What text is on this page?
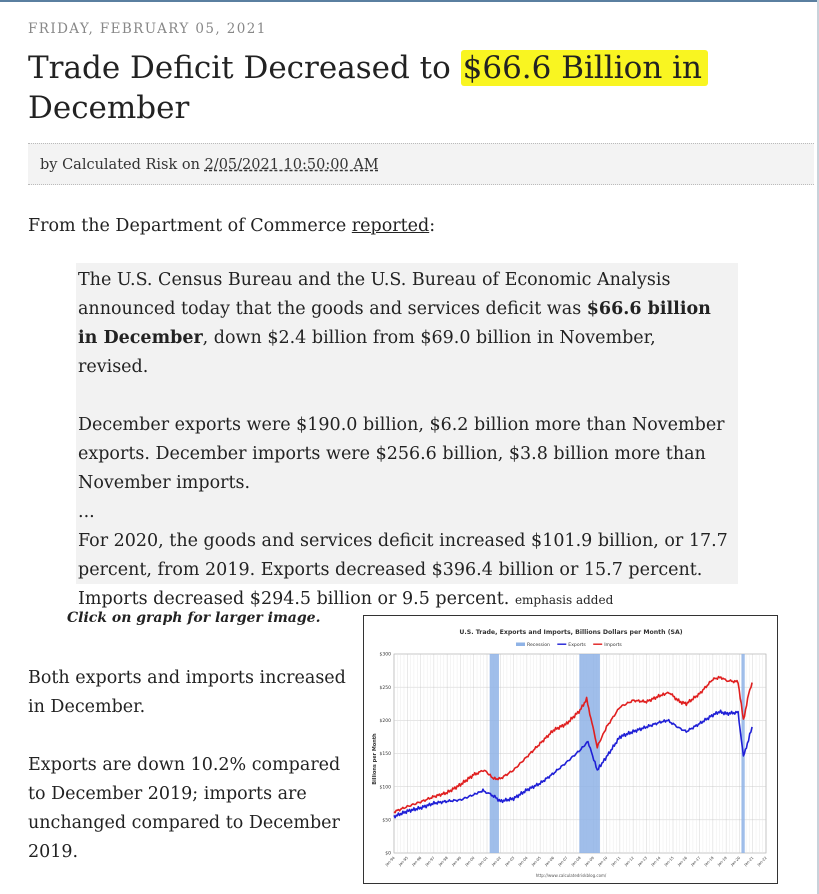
FRIDAY, FEBRUARY 05, 2021
Trade Deficit Decreased to $66.6 Billion in
December
by Calculated Risk on 2/05/2021 10:50:00 AM
From the Department of Commerce reported:

The U.S. Census Bureau and the U.S. Bureau of Economic Analysis announced today that the goods and services deficit was $66.6 billion in December, down $2.4 billion from $69.0 billion in November, revised.

December exports were $190.0 billion, $6.2 billion more than November exports. December imports were $256.6 billion, $3.8 billion more than November imports.

...

For 2020, the goods and services deficit increased $101.9 billion, or 17.7 percent, from 2019. Exports decreased $396.4 billion or 15.7 percent. Imports decreased $294.5 billion or 9.5 percent. emphasis added

Click on graph for larger image.

Both exports and imports increased in December.

Exports are down 10.2% compared to December 2019; imports are unchanged compared to December 2019.

U.S. Trade, Exports and Imports, Billions Dollars per Month (SA)
Recession	Exports	Imports
$0
$50
$100
$150
$200
$250
$300
Jan-94 Jan-95 Jan-96 Jan-97 Jan-98 Jan-99 Jan-00 Jan-01 Jan-02 Jan-03 Jan-04 Jan-05 Jan-06 Jan-07 Jan-08 Jan-09 Jan-10 Jan-11 Jan-12 Jan-13 Jan-14 Jan-15 Jan-16 Jan-17 Jan-18 Jan-19 Jan-20 Jan-21 Jan-22
Billions per Month
http://www.calculatedriskblog.com/
